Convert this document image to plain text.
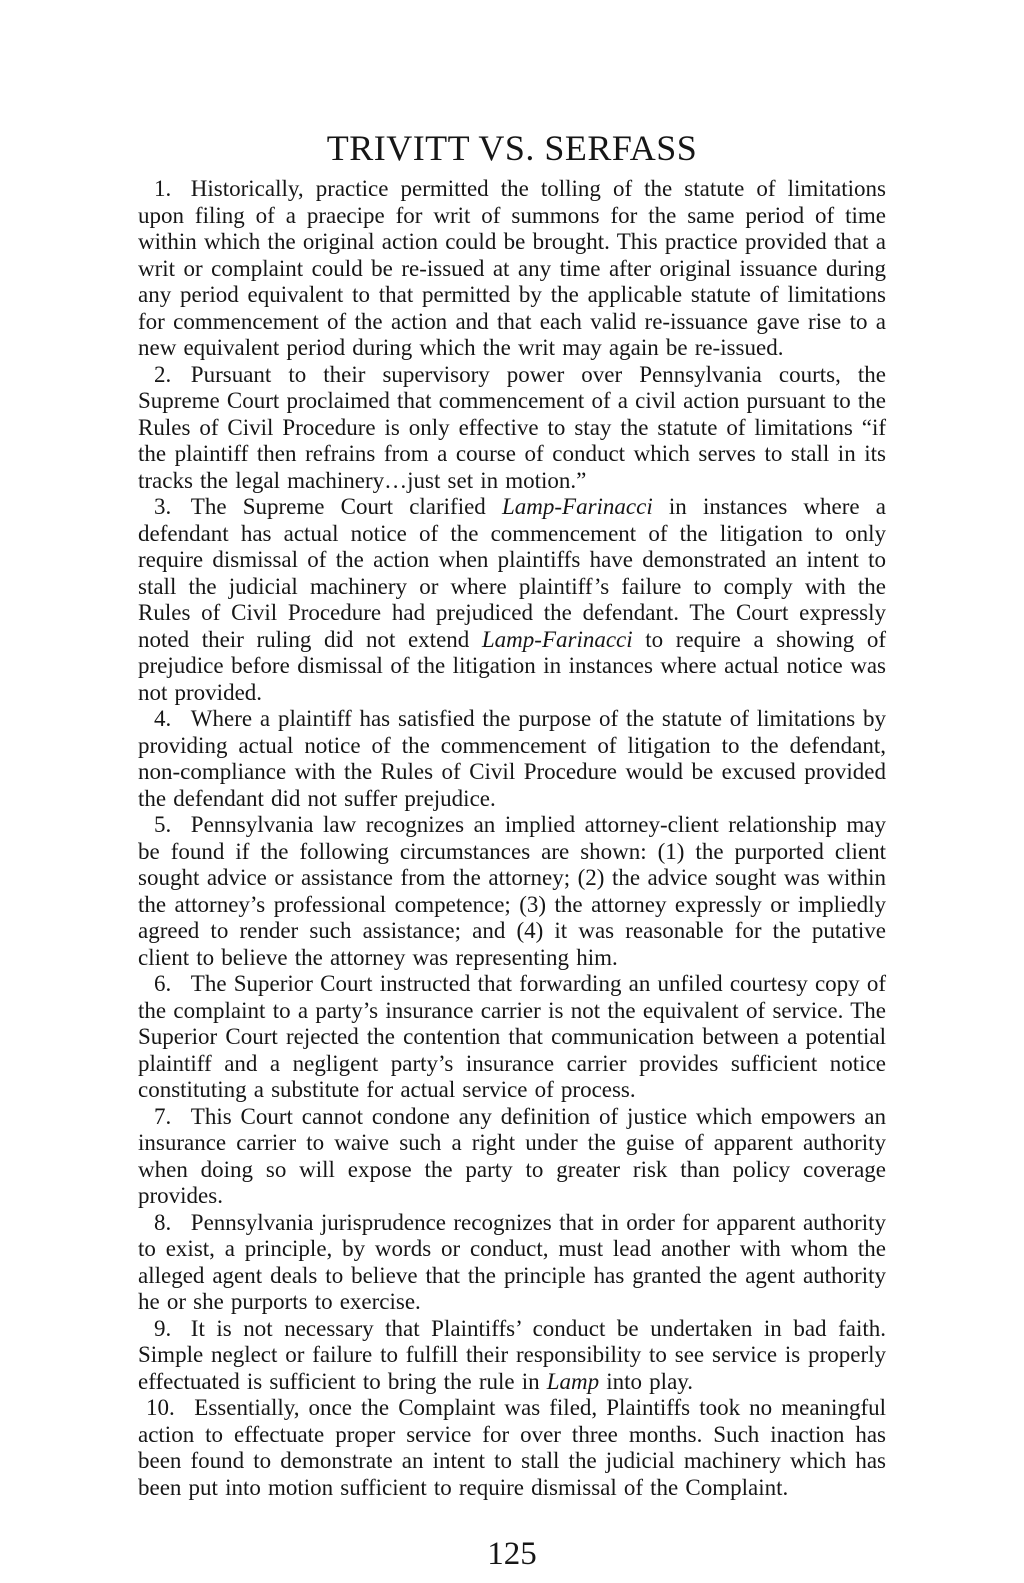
TRIVITT VS. SERFASS

1. Historically, practice permitted the tolling of the statute of limitations upon filing of a praecipe for writ of summons for the same period of time within which the original action could be brought. This practice provided that a writ or complaint could be re-issued at any time after original issuance during any period equivalent to that permitted by the applicable statute of limitations for commencement of the action and that each valid re-issuance gave rise to a new equivalent period during which the writ may again be re-issued.

2. Pursuant to their supervisory power over Pennsylvania courts, the Supreme Court proclaimed that commencement of a civil action pursuant to the Rules of Civil Procedure is only effective to stay the statute of limitations “if the plaintiff then refrains from a course of conduct which serves to stall in its tracks the legal machinery…just set in motion.”

3. The Supreme Court clarified Lamp-Farinacci in instances where a defendant has actual notice of the commencement of the litigation to only require dismissal of the action when plaintiffs have demonstrated an intent to stall the judicial machinery or where plaintiff’s failure to comply with the Rules of Civil Procedure had prejudiced the defendant. The Court expressly noted their ruling did not extend Lamp-Farinacci to require a showing of prejudice before dismissal of the litigation in instances where actual notice was not provided.

4. Where a plaintiff has satisfied the purpose of the statute of limitations by providing actual notice of the commencement of litigation to the defendant, non-compliance with the Rules of Civil Procedure would be excused provided the defendant did not suffer prejudice.

5. Pennsylvania law recognizes an implied attorney-client relationship may be found if the following circumstances are shown: (1) the purported client sought advice or assistance from the attorney; (2) the advice sought was within the attorney’s professional competence; (3) the attorney expressly or impliedly agreed to render such assistance; and (4) it was reasonable for the putative client to believe the attorney was representing him.

6. The Superior Court instructed that forwarding an unfiled courtesy copy of the complaint to a party’s insurance carrier is not the equivalent of service. The Superior Court rejected the contention that communication between a potential plaintiff and a negligent party’s insurance carrier provides sufficient notice constituting a substitute for actual service of process.

7. This Court cannot condone any definition of justice which empowers an insurance carrier to waive such a right under the guise of apparent authority when doing so will expose the party to greater risk than policy coverage provides.

8. Pennsylvania jurisprudence recognizes that in order for apparent authority to exist, a principle, by words or conduct, must lead another with whom the alleged agent deals to believe that the principle has granted the agent authority he or she purports to exercise.

9. It is not necessary that Plaintiffs’ conduct be undertaken in bad faith. Simple neglect or failure to fulfill their responsibility to see service is properly effectuated is sufficient to bring the rule in Lamp into play.

10. Essentially, once the Complaint was filed, Plaintiffs took no meaningful action to effectuate proper service for over three months. Such inaction has been found to demonstrate an intent to stall the judicial machinery which has been put into motion sufficient to require dismissal of the Complaint.

125
